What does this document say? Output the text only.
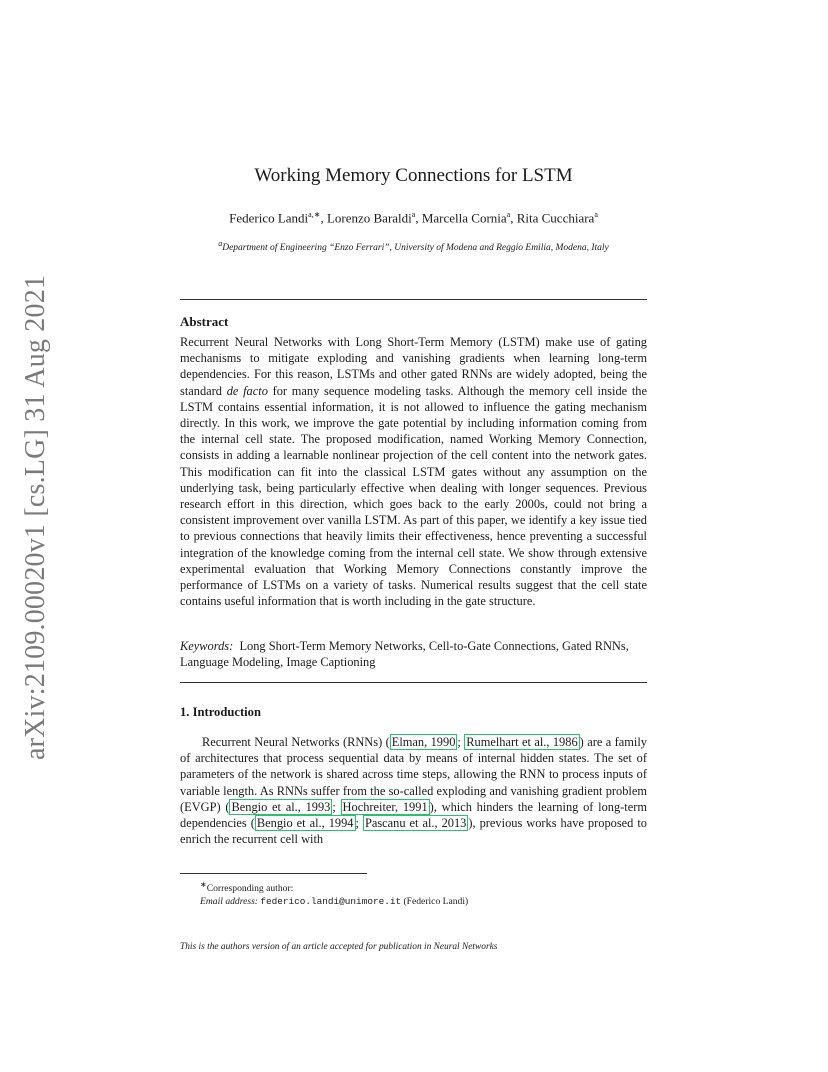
arXiv:2109.00020v1 [cs.LG] 31 Aug 2021
Working Memory Connections for LSTM
Federico Landi$^{a,∗}$, Lorenzo Baraldi$^a$, Marcella Cornia$^a$, Rita Cucchiara$^a$
$^a$Department of Engineering “Enzo Ferrari”, University of Modena and Reggio Emilia, Modena, Italy
Abstract
Recurrent Neural Networks with Long Short-Term Memory (LSTM) make use of gating mechanisms to mitigate exploding and vanishing gradients when learning long-term dependencies. For this reason, LSTMs and other gated RNNs are widely adopted, being the standard de facto for many sequence modeling tasks. Although the memory cell inside the LSTM contains essential information, it is not allowed to influence the gating mechanism directly. In this work, we improve the gate potential by including information coming from the internal cell state. The proposed modification, named Working Memory Connection, consists in adding a learnable nonlinear projection of the cell content into the network gates. This modification can fit into the classical LSTM gates without any assumption on the underlying task, being particularly effective when dealing with longer sequences. Previous research effort in this direction, which goes back to the early 2000s, could not bring a consistent improvement over vanilla LSTM. As part of this paper, we identify a key issue tied to previous connections that heavily limits their effectiveness, hence preventing a successful integration of the knowledge coming from the internal cell state. We show through extensive experimental evaluation that Working Memory Connections constantly improve the performance of LSTMs on a variety of tasks. Numerical results suggest that the cell state contains useful information that is worth including in the gate structure.
Keywords: Long Short-Term Memory Networks, Cell-to-Gate Connections, Gated RNNs, Language Modeling, Image Captioning
1. Introduction
Recurrent Neural Networks (RNNs) ( Elman, 1990 ; Rumelhart et al., 1986 ) are a family of architectures that process sequential data by means of internal hidden states. The set of parameters of the network is shared across time steps, allowing the RNN to process inputs of variable length. As RNNs suffer from the so-called exploding and vanishing gradient problem (EVGP) ( Bengio et al., 1993 ; Hochreiter, 1991 ), which hinders the learning of long-term dependencies ( Bengio et al., 1994 ; Pascanu et al., 2013 ), previous works have proposed to enrich the recurrent cell with
∗Corresponding author:
Email address: federico.landi@unimore.it (Federico Landi)
This is the authors version of an article accepted for publication in Neural Networks
